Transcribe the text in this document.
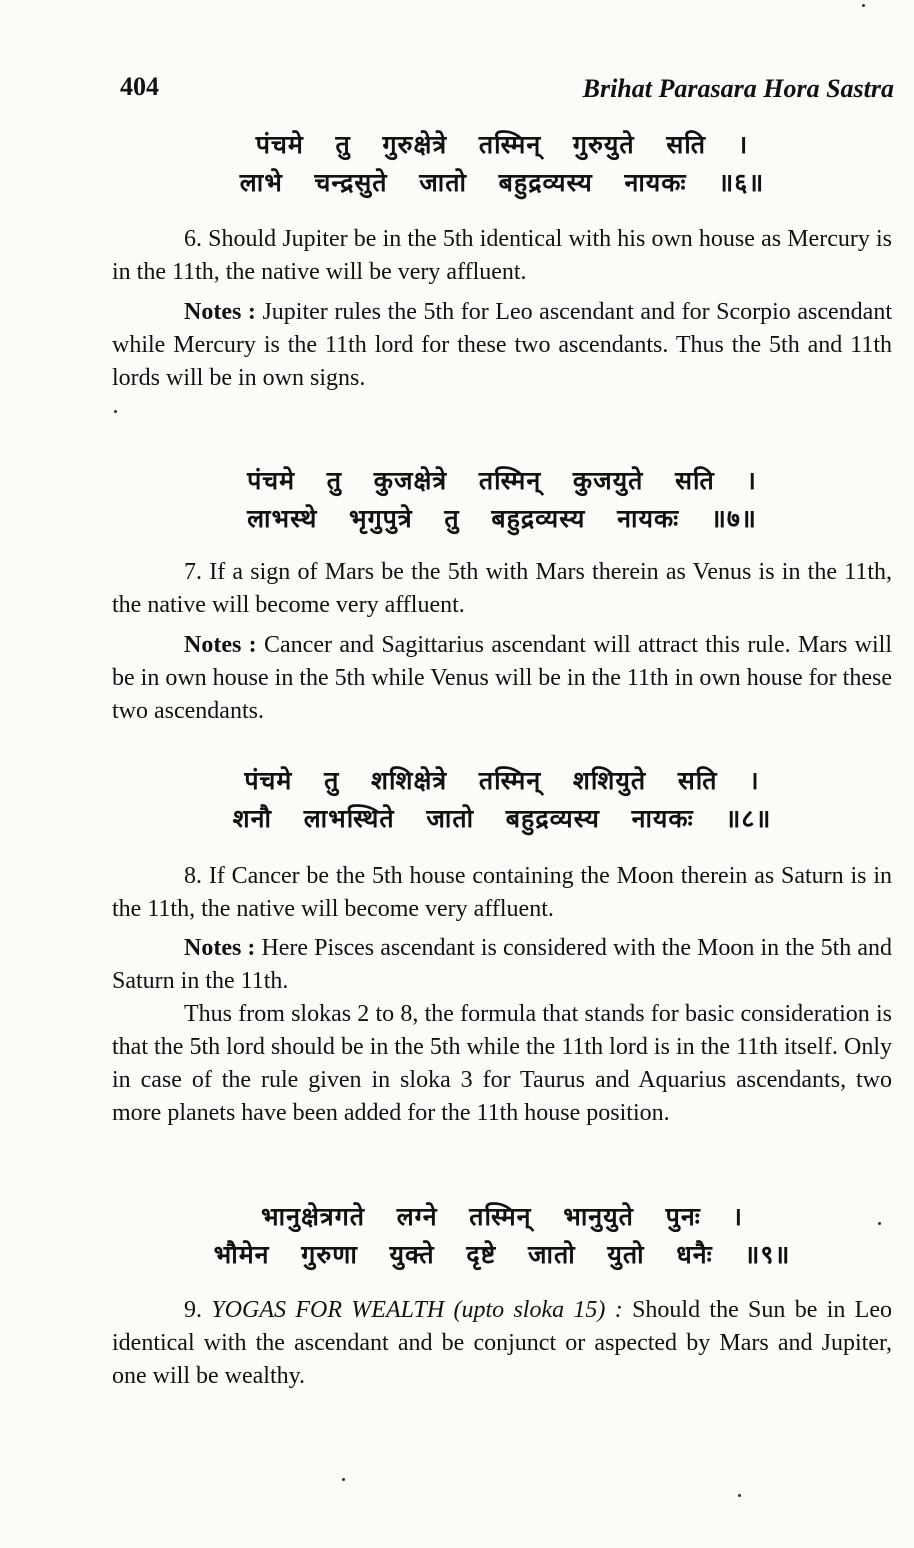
404	Brihat Parasara Hora Sastra
पंचमे तु गुरुक्षेत्रे तस्मिन् गुरुयुते सति ।
लाभे चन्द्रसुते जातो बहुद्रव्यस्य नायकः ॥६॥
6. Should Jupiter be in the 5th identical with his own house as Mercury is in the 11th, the native will be very affluent.
Notes : Jupiter rules the 5th for Leo ascendant and for Scorpio ascendant while Mercury is the 11th lord for these two ascendants. Thus the 5th and 11th lords will be in own signs.
पंचमे तु कुजक्षेत्रे तस्मिन् कुजयुते सति ।
लाभस्थे भृगुपुत्रे तु बहुद्रव्यस्य नायकः ॥७॥
7. If a sign of Mars be the 5th with Mars therein as Venus is in the 11th, the native will become very affluent.
Notes : Cancer and Sagittarius ascendant will attract this rule. Mars will be in own house in the 5th while Venus will be in the 11th in own house for these two ascendants.
पंचमे तु शशिक्षेत्रे तस्मिन् शशियुते सति ।
शनौ लाभस्थिते जातो बहुद्रव्यस्य नायकः ॥८॥
8. If Cancer be the 5th house containing the Moon therein as Saturn is in the 11th, the native will become very affluent.
Notes : Here Pisces ascendant is considered with the Moon in the 5th and Saturn in the 11th.
Thus from slokas 2 to 8, the formula that stands for basic consideration is that the 5th lord should be in the 5th while the 11th lord is in the 11th itself. Only in case of the rule given in sloka 3 for Taurus and Aquarius ascendants, two more planets have been added for the 11th house position.
भानुक्षेत्रगते लग्ने तस्मिन् भानुयुते पुनः ।
भौमेन गुरुणा युक्ते दृष्टे जातो युतो धनैः ॥९॥
9. YOGAS FOR WEALTH (upto sloka 15) : Should the Sun be in Leo identical with the ascendant and be conjunct or aspected by Mars and Jupiter, one will be wealthy.
